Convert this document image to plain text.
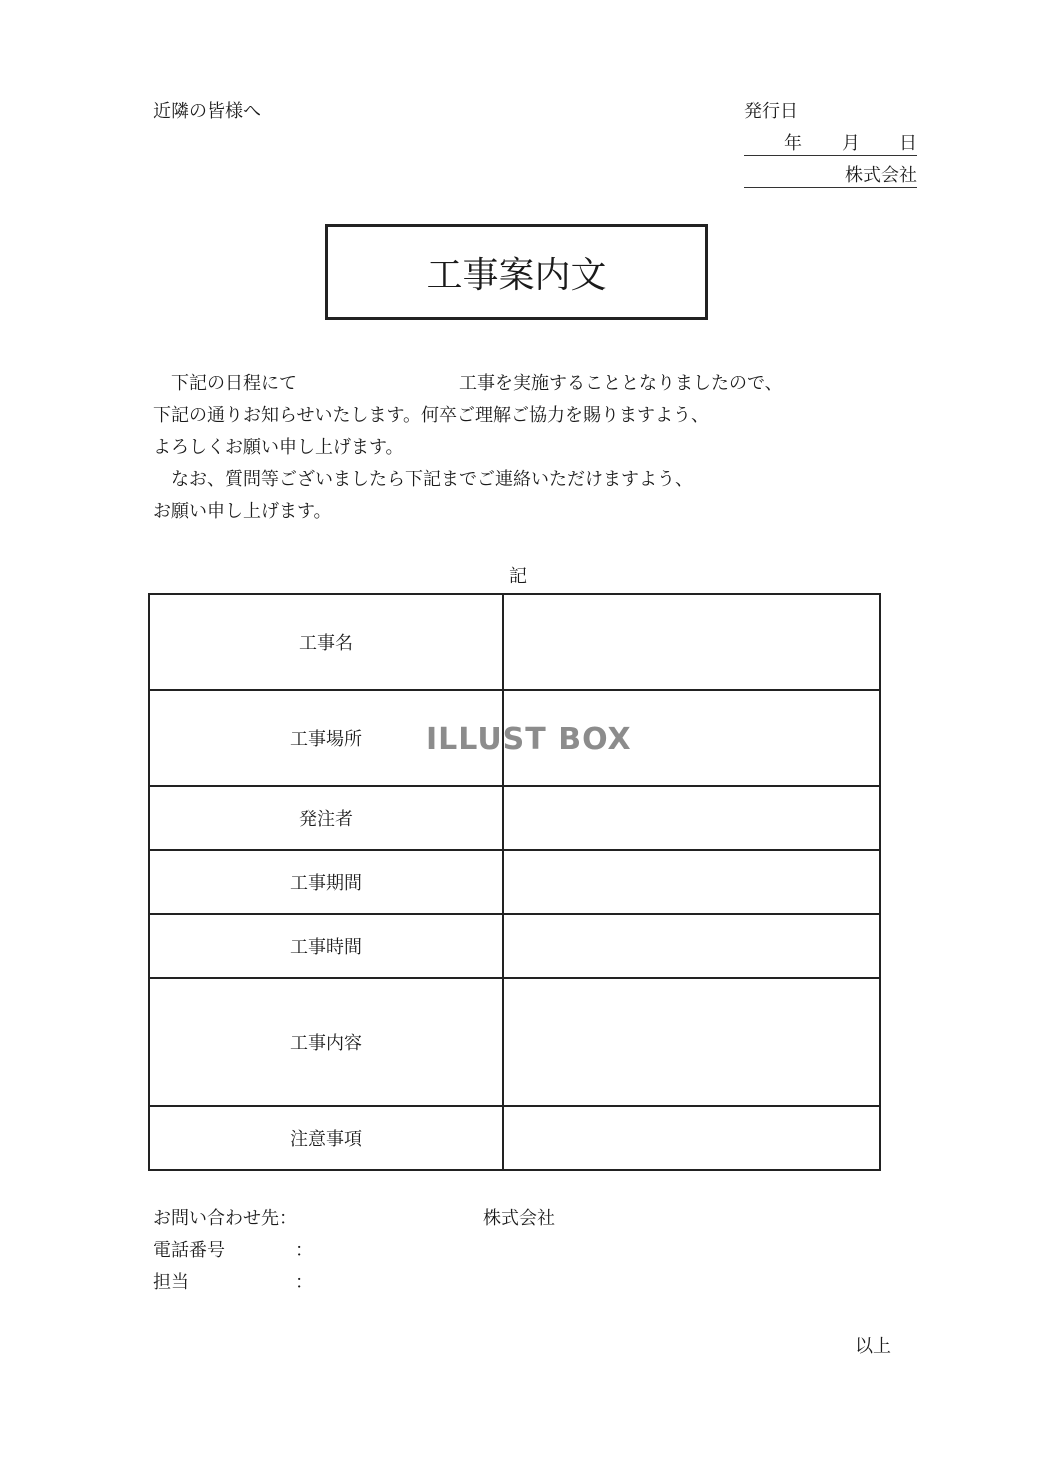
近隣の皆様へ	発行日
年 月 日
株式会社
工事案内文
　下記の日程にて　　　　　　　　　工事を実施することとなりましたので、
下記の通りお知らせいたします。何卒ご理解ご協力を賜りますよう、
よろしくお願い申し上げます。
　なお、質問等ございましたら下記までご連絡いただけますよう、
お願い申し上げます。
記
工事名	
工事場所	
発注者	
工事期間	
工事時間	
工事内容	
注意事項	
ILLUST BOX
お問い合わせ先：	株式会社
電話番号	：
担当	：
以上
